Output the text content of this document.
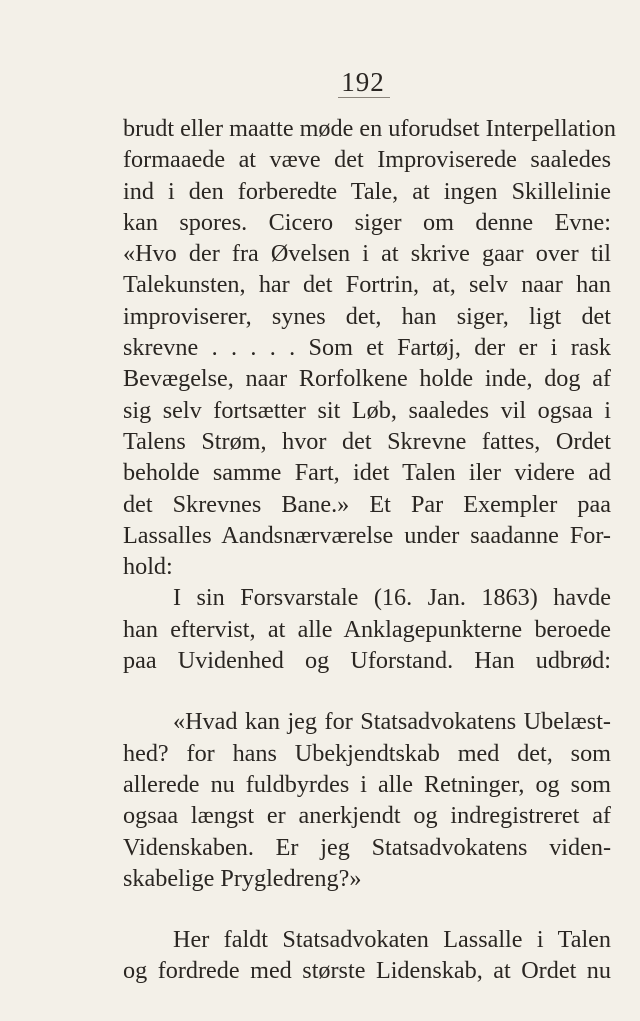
192
brudt eller maatte møde en uforudset Interpellation
formaaede at væve det Improviserede saaledes
ind i den forberedte Tale, at ingen Skillelinie
kan spores. Cicero siger om denne Evne:
«Hvo der fra Øvelsen i at skrive gaar over til
Talekunsten, har det Fortrin, at, selv naar han
improviserer, synes det, han siger, ligt det
skrevne . . . . . Som et Fartøj, der er i rask
Bevægelse, naar Rorfolkene holde inde, dog af
sig selv fortsætter sit Løb, saaledes vil ogsaa i
Talens Strøm, hvor det Skrevne fattes, Ordet
beholde samme Fart, idet Talen iler videre ad
det Skrevnes Bane.» Et Par Exempler paa
Lassalles Aandsnærværelse under saadanne For-
hold:
I sin Forsvarstale (16. Jan. 1863) havde
han eftervist, at alle Anklagepunkterne beroede
paa Uvidenhed og Uforstand. Han udbrød:
«Hvad kan jeg for Statsadvokatens Ubelæst-
hed? for hans Ubekjendtskab med det, som
allerede nu fuldbyrdes i alle Retninger, og som
ogsaa længst er anerkjendt og indregistreret af
Videnskaben. Er jeg Statsadvokatens viden-
skabelige Prygledreng?»
Her faldt Statsadvokaten Lassalle i Talen
og fordrede med største Lidenskab, at Ordet nu
